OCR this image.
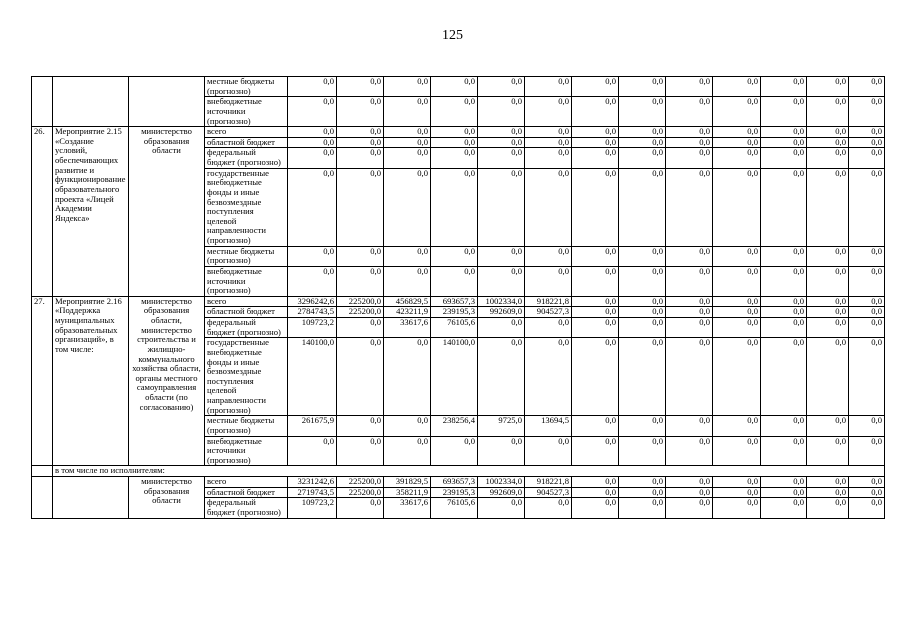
125
			местные бюджеты (прогнозно)	0,0	0,0	0,0	0,0	0,0	0,0	0,0	0,0	0,0	0,0	0,0	0,0	0,0
			внебюджетные источники (прогнозно)	0,0	0,0	0,0	0,0	0,0	0,0	0,0	0,0	0,0	0,0	0,0	0,0	0,0
26.	Мероприятие 2.15 «Создание условий, обеспечивающих развитие и функционирование образовательного проекта «Лицей Академии Яндекса»	министерство образования области	всего	0,0	0,0	0,0	0,0	0,0	0,0	0,0	0,0	0,0	0,0	0,0	0,0	0,0
			областной бюджет	0,0	0,0	0,0	0,0	0,0	0,0	0,0	0,0	0,0	0,0	0,0	0,0	0,0
			федеральный бюджет (прогнозно)	0,0	0,0	0,0	0,0	0,0	0,0	0,0	0,0	0,0	0,0	0,0	0,0	0,0
			государственные внебюджетные фонды и иные безвозмездные поступления целевой направленности (прогнозно)	0,0	0,0	0,0	0,0	0,0	0,0	0,0	0,0	0,0	0,0	0,0	0,0	0,0
			местные бюджеты (прогнозно)	0,0	0,0	0,0	0,0	0,0	0,0	0,0	0,0	0,0	0,0	0,0	0,0	0,0
			внебюджетные источники (прогнозно)	0,0	0,0	0,0	0,0	0,0	0,0	0,0	0,0	0,0	0,0	0,0	0,0	0,0
27.	Мероприятие 2.16 «Поддержка муниципальных образовательных организаций», в том числе:	министерство образования области, министерство строительства и жилищно-коммунального хозяйства области, органы местного самоуправления области (по согласованию)	всего	3296242,6	225200,0	456829,5	693657,3	1002334,0	918221,8	0,0	0,0	0,0	0,0	0,0	0,0	0,0
			областной бюджет	2784743,5	225200,0	423211,9	239195,3	992609,0	904527,3	0,0	0,0	0,0	0,0	0,0	0,0	0,0
			федеральный бюджет (прогнозно)	109723,2	0,0	33617,6	76105,6	0,0	0,0	0,0	0,0	0,0	0,0	0,0	0,0	0,0
			государственные внебюджетные фонды и иные безвозмездные поступления целевой направленности (прогнозно)	140100,0	0,0	0,0	140100,0	0,0	0,0	0,0	0,0	0,0	0,0	0,0	0,0	0,0
			местные бюджеты (прогнозно)	261675,9	0,0	0,0	238256,4	9725,0	13694,5	0,0	0,0	0,0	0,0	0,0	0,0	0,0
			внебюджетные источники (прогнозно)	0,0	0,0	0,0	0,0	0,0	0,0	0,0	0,0	0,0	0,0	0,0	0,0	0,0
	в том числе по исполнителям:															
		министерство образования области	всего	3231242,6	225200,0	391829,5	693657,3	1002334,0	918221,8	0,0	0,0	0,0	0,0	0,0	0,0	0,0
			областной бюджет	2719743,5	225200,0	358211,9	239195,3	992609,0	904527,3	0,0	0,0	0,0	0,0	0,0	0,0	0,0
			федеральный бюджет (прогнозно)	109723,2	0,0	33617,6	76105,6	0,0	0,0	0,0	0,0	0,0	0,0	0,0	0,0	0,0
